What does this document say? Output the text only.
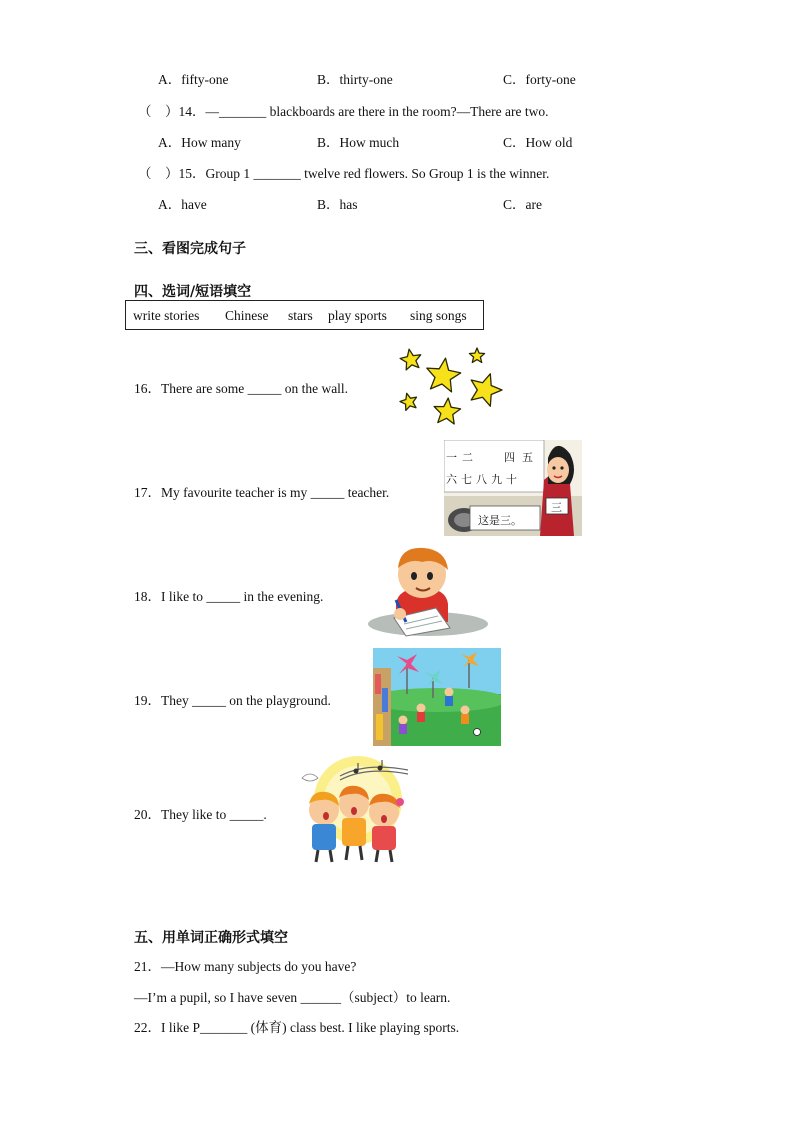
A．fifty-one	B．thirty-one	C．forty-one
（　）14．—_______ blackboards are there in the room?—There are two.
A．How many	B．How much	C．How old
（　）15．Group 1 _______ twelve red flowers. So Group 1 is the winner.
A．have	B．has	C．are
三、看图完成句子
四、选词/短语填空
write stories Chinese stars play sports sing songs
16．There are some _____ on the wall.
17．My favourite teacher is my _____ teacher.
一 二	四 五
六 七 八 九 十
这是三。
三
18．I like to _____ in the evening.
19．They _____ on the playground.
20．They like to _____.
五、用单词正确形式填空
21．—How many subjects do you have?
—I’m a pupil, so I have seven ______（subject）to learn.
22．I like P_______ (体育) class best. I like playing sports.
